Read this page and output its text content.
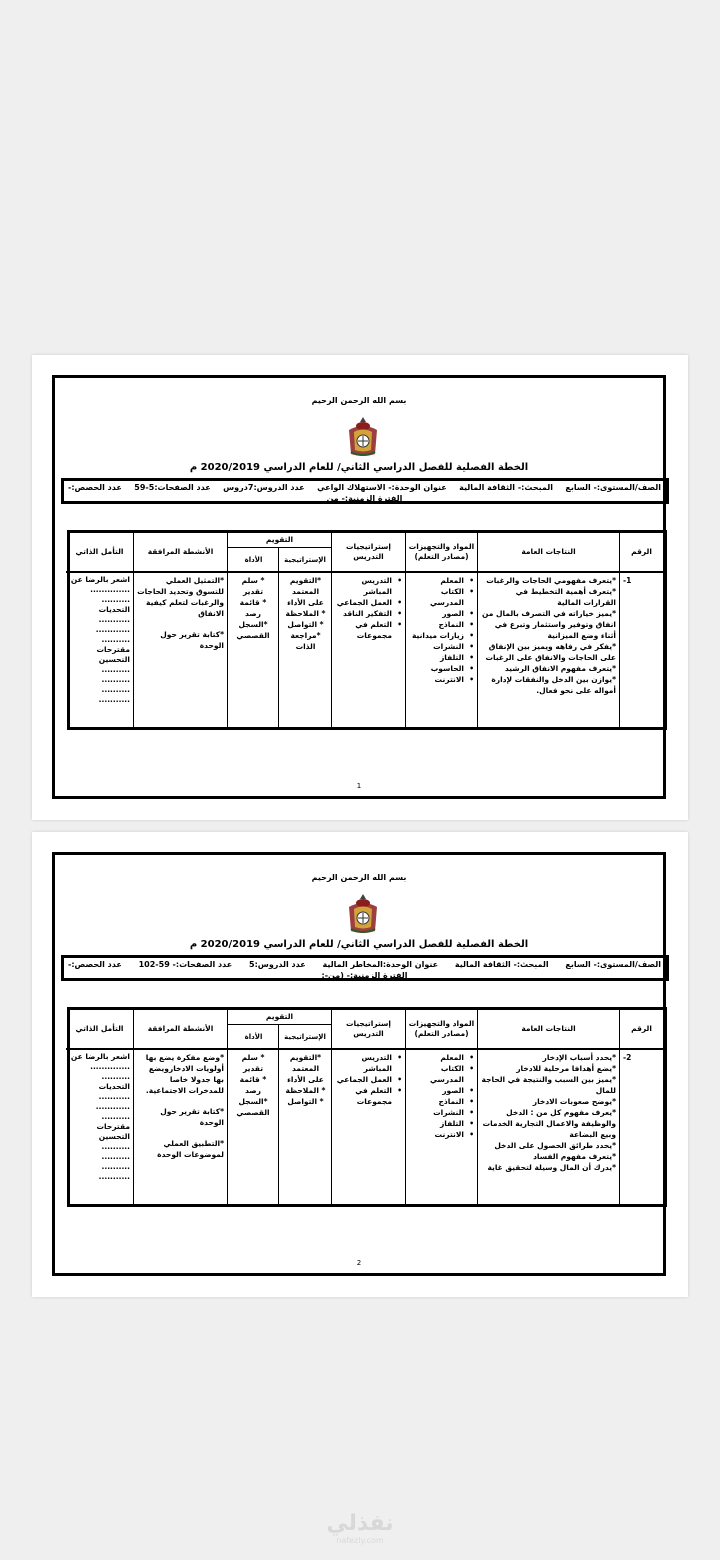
بسم الله الرحمن الرحيم
الخطة الفصلية للفصل الدراسي الثاني/ للعام الدراسي 2020/2019 م
الصف/المستوى:- السابع
المبحث:- الثقافة المالية
عنوان الوحدة:- الاستهلاك الواعي
عدد الدروس:7دروس
عدد الصفحات:5-59
عدد الحصص:-
الفترة الزمنية:- من
الرقم
1-
النتاجات العامة
*يتعرف مفهومي الحاجات والرغبات
*يتعرف أهمية التخطيط في القرارات المالية
*يميز خياراته في التصرف بالمال من انفاق وتوفير واستثمار وتبرع في أثناء وضع الميزانية
*يفكر في رفاهه ويميز بين الإنفاق على الحاجات والانفاق على الرغبات
*يتعرف مفهوم الانفاق الرشيد
*يوازن بين الدخل والنفقات لإدارة أمواله على نحو فعال.
المواد والتجهيزات (مصادر التعلم)
• المعلم
• الكتاب المدرسي
• الصور
• النماذج
• زيارات ميدانية
• النشرات
• التلفاز
• الحاسوب
• الانترنت
إستراتيجيات التدريس
• التدريس المباشر
• العمل الجماعي
• التفكير الناقد
• التعلم في مجموعات
التقويم
الإستراتيجية
الأداة
*التقويم المعتمد على الأداء
* الملاحظة
* التواصل
*مراجعة الذات
* سلم تقدير
* قائمة رصد
*السجل القصصي
الأنشطة المرافقة
*التمثيل العملي للتسوق وتحديد الحاجات والرغبات لتعلم كيفية الانفاق
*كتابة تقرير حول الوحدة
التأمل الذاتي
اشعر بالرضا عن
..............
..........
التحديات
...........
............
..........
مقترحات التحسين
..........
..........
..........
...........
1
بسم الله الرحمن الرحيم
الخطة الفصلية للفصل الدراسي الثاني/ للعام الدراسي 2020/2019 م
الصف/المستوى:- السابع
المبحث:- الثقافة المالية
عنوان الوحدة:المخاطر المالية
عدد الدروس:5
عدد الصفحات:- 59-102
عدد الحصص:-
الفترة الزمنية:- (من-:
الرقم
2-
النتاجات العامة
*يحدد أسباب الإدخار
*يضع أهدافا مرحلية للادخار
*يميز بين السبب والنتيجة في الحاجة للمال
*يوضح صعوبات الادخار
*يعرف مفهوم كل من : الدخل والوظيفة والاعمال التجارية الخدمات وبيع البضاعة
*يحدد طرائق الحصول على الدخل
*يتعرف مفهوم الفساد
*يدرك أن المال وسيلة لتحقيق غاية
المواد والتجهيزات (مصادر التعلم)
• المعلم
• الكتاب المدرسي
• الصور
• النماذج
• النشرات
• التلفاز
• الانترنت
إستراتيجيات التدريس
• التدريس المباشر
• العمل الجماعي
• التعلم في مجموعات
التقويم
الإستراتيجية
الأداة
*التقويم المعتمد على الأداء
* الملاحظة
* التواصل
* سلم تقدير
* قائمة رصد
*السجل القصصي
الأنشطة المرافقة
*وضع مفكرة يضع بها أولويات الادخارويضع بها جدولا خاصا للمدخرات الاجتماعية.
*كتابة تقرير حول الوحدة
*التطبيق العملي لموضوعات الوحدة
التأمل الذاتي
اشعر بالرضا عن
..............
..........
التحديات
...........
............
..........
مقترحات التحسين
..........
..........
..........
...........
2
نفذلي
nafezly.com
